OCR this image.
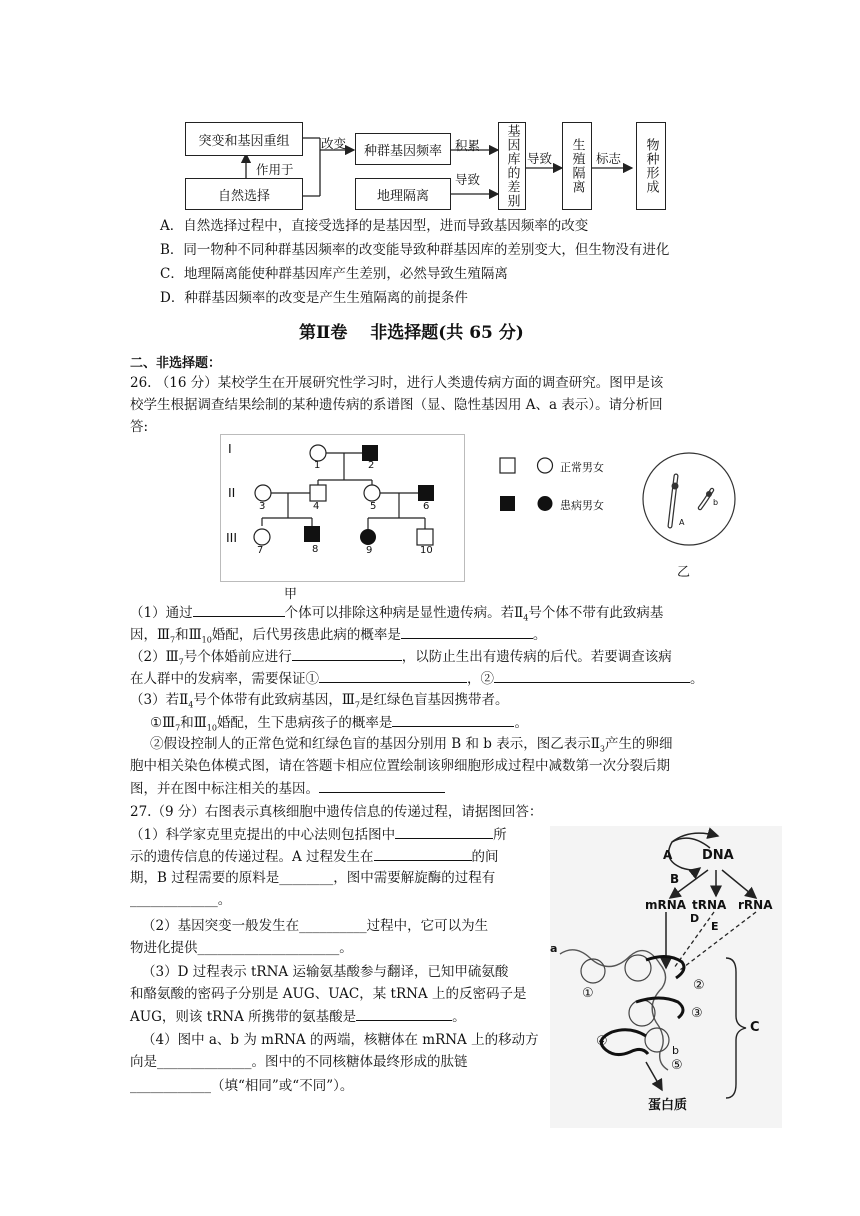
突变和基因重组
自然选择
作用于
改变	种群基因频率
地理隔离
积累
导致	基因库的差别 导致	生殖隔离 标志	物种形成
A．自然选择过程中，直接受选择的是基因型，进而导致基因频率的改变
B．同一物种不同种群基因频率的改变能导致种群基因库的差别变大，但生物没有进化
C．地理隔离能使种群基因库产生差别，必然导致生殖隔离
D．种群基因频率的改变是产生生殖隔离的前提条件
第Ⅱ卷　 非选择题(共 65 分)
二、非选择题：
26. （16 分）某校学生在开展研究性学习时，进行人类遗传病方面的调查研究。图甲是该
校学生根据调查结果绘制的某种遗传病的系谱图（显、隐性基因用 A、a 表示）。请分析回
答:
I
II
III
1	2
3	4	5	6
7	8	9	10
甲
正常男女
患病男女
A
b
乙
（1）通过	个体可以排除这种病是显性遗传病。若$Ⅱ_4$号个体不带有此致病基
因，$Ⅲ_7$和$Ⅲ_{10}$婚配，后代男孩患此病的概率是	。
$(2)Ⅲ_7$号个体婚前应进行	，以防止生出有遗传病的后代。若要调查该病
在人群中的发病率，需要保证①	，②	。
（3）若$Ⅱ_4$号个体带有此致病基因，$Ⅲ_7$是红绿色盲基因携带者。
$①Ⅲ_7$和$Ⅲ_{10}$婚配，生下患病孩子的概率是	。
②假设控制人的正常色觉和红绿色盲的基因分别用 B 和 b 表示，图乙表示$Ⅱ_3$产生的卵细
胞中相关染色体模式图，请在答题卡相应位置绘制该卵细胞形成过程中减数第一次分裂后期
图，并在图中标注相关的基因。
27.（9 分）右图表示真核细胞中遗传信息的传递过程，请据图回答：
（1）科学家克里克提出的中心法则包括图中	所
示的遗传信息的传递过程。A 过程发生在	的间
期，B 过程需要的原料是________，图中需要解旋酶的过程有
_____________。
（2）基因突变一般发生在__________过程中，它可以为生
物进化提供_____________________。
（3）D 过程表示 tRNA 运输氨基酸参与翻译，已知甲硫氨酸
和酪氨酸的密码子分别是 AUG、UAC，某 tRNA 上的反密码子是
AUG，则该 tRNA 所携带的氨基酸是	。
（4）图中 a、b 为 mRNA 的两端，核糖体在 mRNA 上的移动方
向是______________。图中的不同核糖体最终形成的肽链
____________（填“相同”或“不同”）。
A DNA
B
mRNA tRNA rRNA
D
E
a
b
①
②
③
④
⑤
C
蛋白质
